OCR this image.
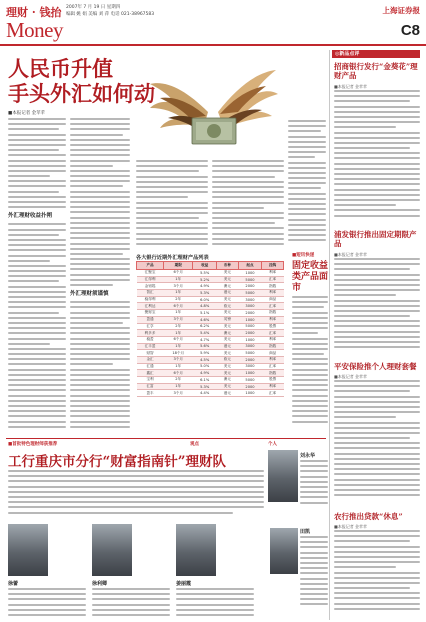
理财 · 钱抬
Money
2007年 7 月 19 日 星期四
编辑 姚 娟 美编 刘 萍 电话 021-38967583	上海证券报
C8
人民币升值
手头外汇如何动
■本报记者 金苹苹
外汇理财收益扑朔
外汇理财须谨慎
各大银行近期外汇理财产品列表
产品	期限	收益	币种	起点	挂钩
汇聚宝	6个月	5.5%	美元	1000	利率
汇得利	1年	5.2%	美元	5000	汇率
金钥匙	3个月	4.9%	澳元	2000	指数
智汇	1年	5.3%	港元	5000	利率
稳得利	2年	6.0%	美元	3000	商品
汇利达	6个月	4.8%	欧元	3000	汇率
聚财宝	1年	5.1%	美元	2000	指数
盈通	3个月	4.6%	英镑	1000	利率
汇享	2年	6.2%	美元	5000	股票
利多多	1年	5.4%	澳元	2000	汇率
稳盈	6个月	4.7%	美元	1000	利率
汇丰盈	1年	5.6%	港元	3000	指数
财智	18个月	5.9%	美元	5000	商品
金汇	3个月	4.5%	欧元	2000	利率
汇通	1年	5.0%	美元	3000	汇率
鑫汇	6个月	4.9%	美元	1000	指数
宝利	2年	6.1%	澳元	5000	股票
汇富	1年	5.3%	美元	2000	利率
盈丰	3个月	4.4%	港元	1000	汇率
■短讯快递
固定收益类产品面市
◎新品点评
招商银行发行“金葵花”理财产品
■本报记者 金苹苹
浦发银行推出固定期限产品
■本报记者 金苹苹
平安保险推个人理财套餐
■本报记者 金苹苹
农行推出贷款“休息”
■本报记者 金苹苹
■首批特色理财师获推荐	观点	个人
工行重庆市分行“财富指南针”理财队	刘永华
田凯
徐蕾	徐利卿	姜丽霞
